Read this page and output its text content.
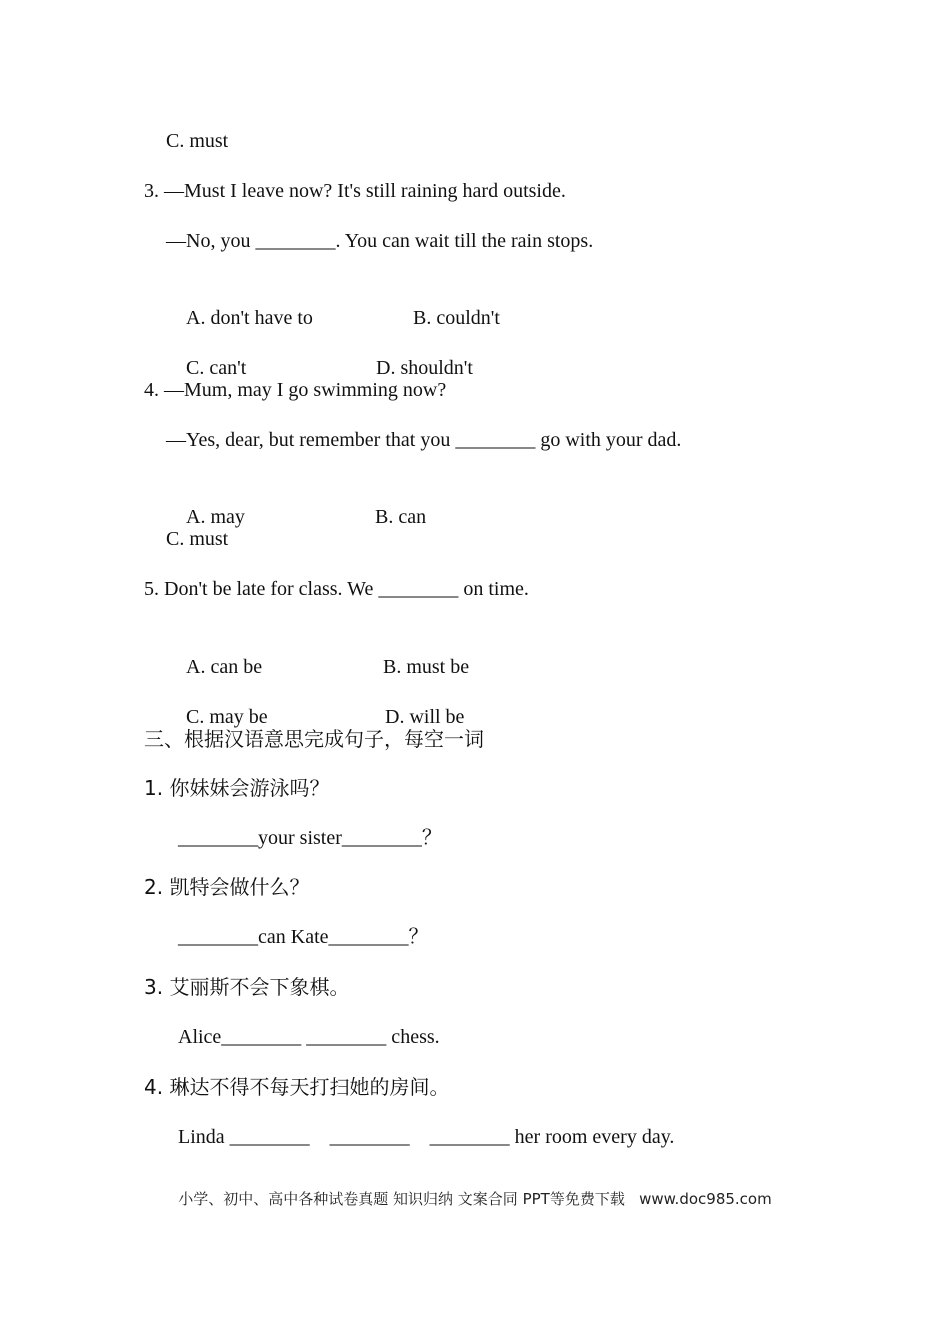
C. must
3. —Must I leave now? It's still raining hard outside.
—No, you ________. You can wait till the rain stops.

A. don't have to	B. couldn't

C. can't	D. shouldn't

4. —Mum, may I go swimming now?
—Yes, dear, but remember that you ________ go with your dad.

A. may	B. can

C. must
5. Don't be late for class. We ________ on time.

A. can be	B. must be

C. may be	D. will be

三、根据汉语意思完成句子，每空一词
1. 你妹妹会游泳吗？
________your sister________？
2. 凯特会做什么？
________can Kate________？
3. 艾丽斯不会下象棋。
Alice________ ________ chess.
4. 琳达不得不每天打扫她的房间。
Linda ________    ________    ________ her room every day.
小学、初中、高中各种试卷真题 知识归纳 文案合同 PPT等免费下载   www.doc985.com
